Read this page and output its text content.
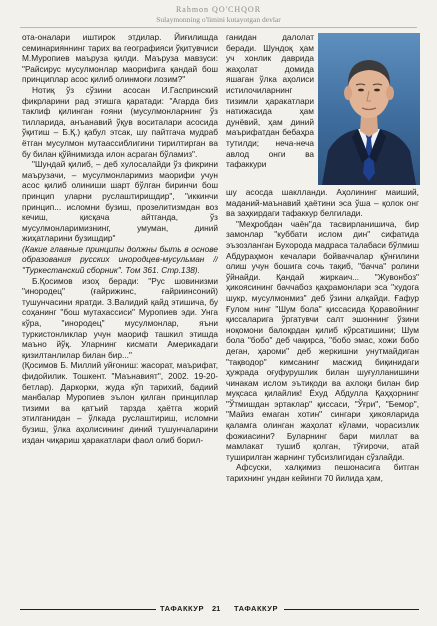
Rahmon QO'CHQOR
Sulaymonning o'limini kutayotgan devlar

ота-оналари иштирок этдилар. Йиғилишда семинарияннинг тарих ва географияси ўқитувчиси М.Муропиев маъруза қилди. Маъруза мавзуси: "Райсирус мусулмонлар маорифига қандай бош принциплар асос қилиб олинмоғи лозим?"

Нотиқ ўз сўзини асосан И.Гаспринский фикрларини рад этишга қаратади: "Агарда биз таклиф қилинган ғояни (мусулмонларнинг ўз тилларида, анъанавий ўқув воситалари асосида ўқитиш – Б.Қ.) қабул этсак, шу пайтгача мудраб ётган мусулмон мутаассиблигини тирилтирган ва бу билан қўйнимизда илон асраган бўламиз".

"Шундай қилиб, – деб хулосалайди ўз фикрини маърузачи, – мусулмонларимиз маорифи учун асос қилиб олиниши шарт бўлган биринчи бош принцип уларни руслаштиришдир", "иккинчи принцип... исломни бузиш, прозелитизмдан воз кечиш, қисқача айтганда, ўз мусулмонларимизнинг, умуман, диний жиҳатларини бузишдир"

(Какие главные принципы должны быть в основе образования русских инородцев-мусульман // "Туркестанский сборник". Том 361. Стр.138).

Б.Қосимов изоҳ беради: "Рус шовинизми "инородец" (ғайрижинс, ғайриинсоний) тушунчасини яратди. З.Валидий қайд этишича, бу соҳанинг "бош мутахассиси" Муропиев эди. Унга кўра, "инородец" мусулмонлар, яъни туркистонликлар учун маориф ташкил этишда маъно йўқ. Уларнинг кисмати Америкадаги қизилтанлилар билан бир..."

(Қосимов Б. Миллий уйғониш: жасорат, маърифат, фидойилик. Тошкент. "Маънавият", 2002. 19-20-бетлар). Даркорки, жуда кўп тарихий, бадиий манбалар Муропиев эълон қилган принциплар тизими ва қатъий тарзда ҳаётга жорий этилганидан – ўлкада руслаштириш, исломни бузиш, ўлка аҳолисининг диний тушунчаларини издан чиқариш ҳаракатлари фаол олиб борил-

ганидан далолат беради. Шундоқ ҳам уч хонлик даврида жаҳолат домида яшаган ўлка аҳолиси истилочиларнинг тизимли ҳаракатлари натижасида ҳам дунёвий, ҳам диний маърифатдан бебаҳра тутилди; неча-неча авлод онги ва тафаккури

шу асосда шаклланди. Аҳолининг маиший, маданий-маънавий ҳаётини эса ўша – қолок онг ва заҳкирдаги тафаккур белгилади.

"Меҳробдан чаён"да тасвирланишича, бир замонлар "куббати ислом дин" сифатида эъзозланган Бухорода мадраса талабаси бўлмиш Абдураҳмон кечалари бойваччалар қўнғилини олиш учун бошига сочь тақиб, "бачча" ролини ўйнайди. Қандай жиркаич... "Жувонбоз" ҳикоясининг баччабоз қаҳрамонлари эса "худога шукр, мусулмонмиз" деб ўзини алқайди. Ғафур Ғулом нинг "Шум бола" қиссасида Қоравойнинг қиссаларига ўргатувчи салт эшоннинг ўзини ноқомони балоқрдан қилиб кўрсатишини; Шум бола "бобо" деб чақирса, "бобо эмас, хожи бобо деган, ҳароми" деб жеркишни унутмайдиган "тақводор" кимсанинг масжид биқинидаги ҳужрада оғуфурушлик билан шуғулланишини чинакам ислом эътиқоди ва ахлоқи билан бир муқсаса қилайлик! Ёхуд Абдулла Қаҳҳорнинг "Ўтмишдан эртаклар" қиссаси, "Ўғри", "Бемор", "Майиз емаган хотин" сингари ҳикояларида қаламга олинган жаҳолат кўлами, чорасизлик фожиасини? Буларнинг бари миллат ва мамлакат тушиб қолган, тўғирочи, атай туширилган жарнинг тубсизлигидан сўзлайди.

Афсуски, халқимиз пешонасига битган тарихнинг ундан кейинги 70 йилида ҳам,

ТАФАККУР 21 ТАФАККУР
